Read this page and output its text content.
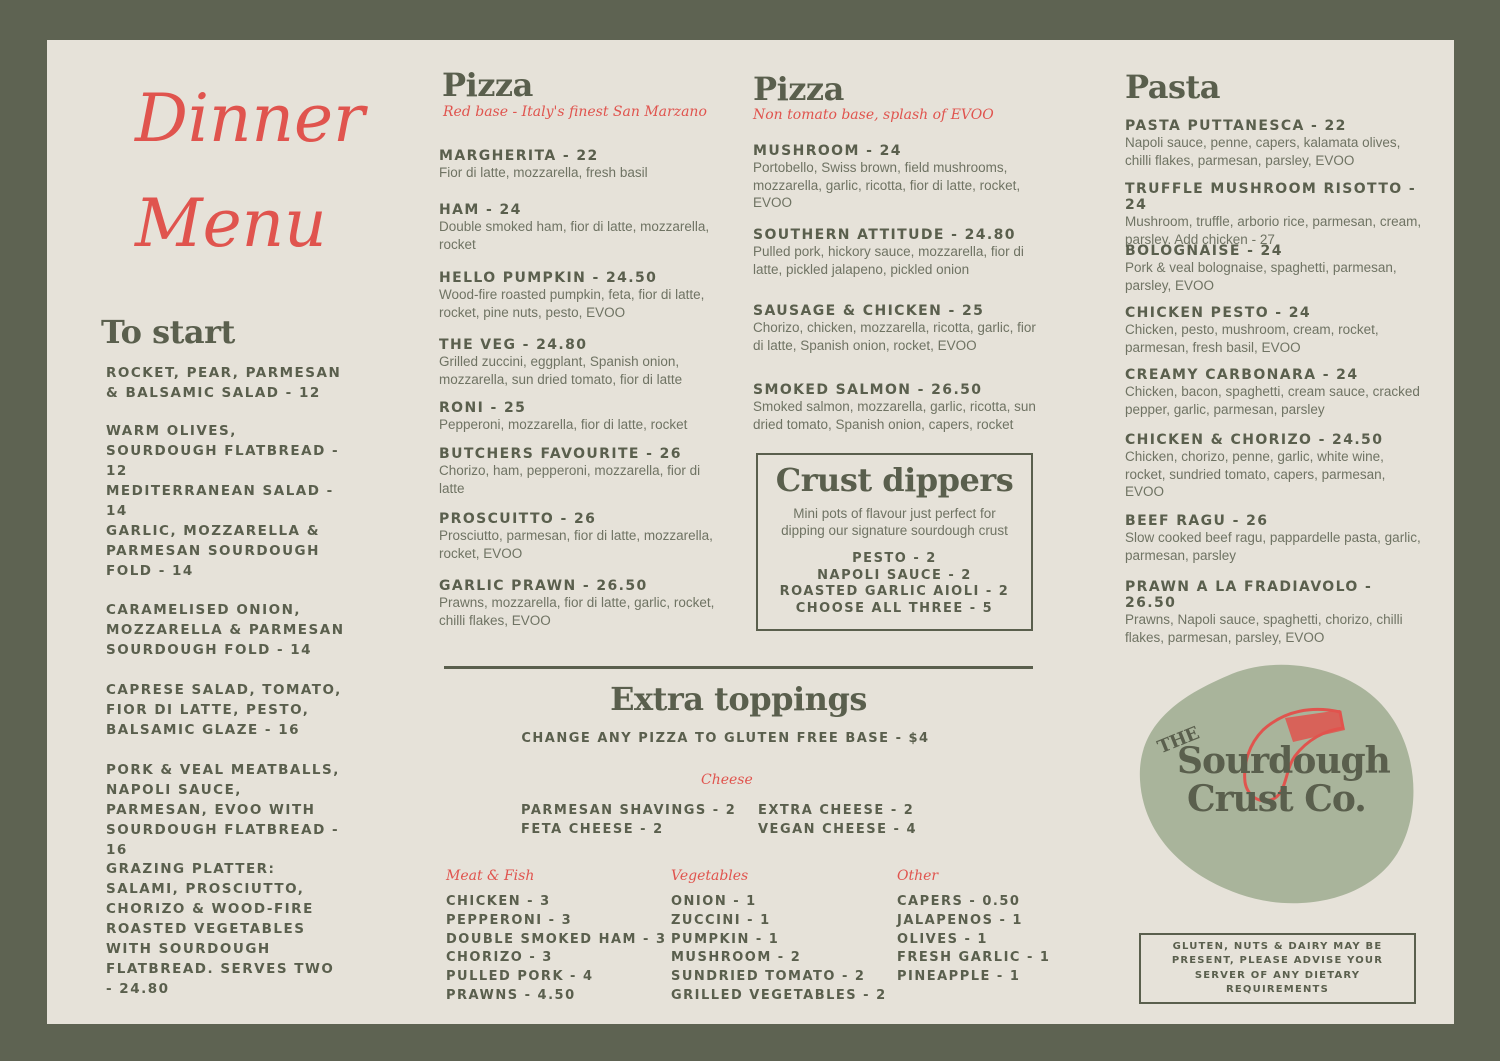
Dinner
Menu
To start
ROCKET, PEAR, PARMESAN & BALSAMIC SALAD - 12
WARM OLIVES, SOURDOUGH FLATBREAD - 12
MEDITERRANEAN SALAD - 14
GARLIC, MOZZARELLA & PARMESAN SOURDOUGH FOLD - 14
CARAMELISED ONION, MOZZARELLA & PARMESAN SOURDOUGH FOLD - 14
CAPRESE SALAD, TOMATO, FIOR DI LATTE, PESTO, BALSAMIC GLAZE - 16
PORK & VEAL MEATBALLS, NAPOLI SAUCE, PARMESAN, EVOO WITH SOURDOUGH FLATBREAD - 16
GRAZING PLATTER: SALAMI, PROSCIUTTO, CHORIZO & WOOD-FIRE ROASTED VEGETABLES WITH SOURDOUGH FLATBREAD. SERVES TWO - 24.80
Pizza
Red base - Italy's finest San Marzano
MARGHERITA - 22
Fior di latte, mozzarella, fresh basil
HAM - 24
Double smoked ham, fior di latte, mozzarella, rocket
HELLO PUMPKIN - 24.50
Wood-fire roasted pumpkin, feta, fior di latte, rocket, pine nuts, pesto, EVOO
THE VEG - 24.80
Grilled zuccini, eggplant, Spanish onion, mozzarella, sun dried tomato, fior di latte
RONI - 25
Pepperoni, mozzarella, fior di latte, rocket
BUTCHERS FAVOURITE - 26
Chorizo, ham, pepperoni, mozzarella, fior di latte
PROSCUITTO - 26
Prosciutto, parmesan, fior di latte, mozzarella, rocket, EVOO
GARLIC PRAWN - 26.50
Prawns, mozzarella, fior di latte, garlic, rocket, chilli flakes, EVOO
Pizza
Non tomato base, splash of EVOO
MUSHROOM - 24
Portobello, Swiss brown, field mushrooms, mozzarella, garlic, ricotta, fior di latte, rocket, EVOO
SOUTHERN ATTITUDE - 24.80
Pulled pork, hickory sauce, mozzarella, fior di latte, pickled jalapeno, pickled onion
SAUSAGE & CHICKEN - 25
Chorizo, chicken, mozzarella, ricotta, garlic, fior di latte, Spanish onion, rocket, EVOO
SMOKED SALMON - 26.50
Smoked salmon, mozzarella, garlic, ricotta, sun dried tomato, Spanish onion, capers, rocket
Crust dippers
Mini pots of flavour just perfect for dipping our signature sourdough crust
PESTO - 2
NAPOLI SAUCE - 2
ROASTED GARLIC AIOLI - 2
CHOOSE ALL THREE - 5
Pasta
PASTA PUTTANESCA - 22
Napoli sauce, penne, capers, kalamata olives, chilli flakes, parmesan, parsley, EVOO
TRUFFLE MUSHROOM RISOTTO - 24
Mushroom, truffle, arborio rice, parmesan, cream, parsley. Add chicken - 27
BOLOGNAISE - 24
Pork & veal bolognaise, spaghetti, parmesan, parsley, EVOO
CHICKEN PESTO - 24
Chicken, pesto, mushroom, cream, rocket, parmesan, fresh basil, EVOO
CREAMY CARBONARA - 24
Chicken, bacon, spaghetti, cream sauce, cracked pepper, garlic, parmesan, parsley
CHICKEN & CHORIZO - 24.50
Chicken, chorizo, penne, garlic, white wine, rocket, sundried tomato, capers, parmesan, EVOO
BEEF RAGU - 26
Slow cooked beef ragu, pappardelle pasta, garlic, parmesan, parsley
PRAWN A LA FRADIAVOLO - 26.50
Prawns, Napoli sauce, spaghetti, chorizo, chilli flakes, parmesan, parsley, EVOO
Extra toppings
CHANGE ANY PIZZA TO GLUTEN FREE BASE - $4
Cheese
PARMESAN SHAVINGS - 2
FETA CHEESE - 2
EXTRA CHEESE - 2
VEGAN CHEESE - 4
Meat & Fish
CHICKEN - 3
PEPPERONI - 3
DOUBLE SMOKED HAM - 3
CHORIZO - 3
PULLED PORK - 4
PRAWNS - 4.50
Vegetables
ONION - 1
ZUCCINI - 1
PUMPKIN - 1
MUSHROOM - 2
SUNDRIED TOMATO - 2
GRILLED VEGETABLES - 2
Other
CAPERS - 0.50
JALAPENOS - 1
OLIVES - 1
FRESH GARLIC - 1
PINEAPPLE - 1
THE
Sourdough
Crust Co.
GLUTEN, NUTS & DAIRY MAY BE PRESENT, PLEASE ADVISE YOUR SERVER OF ANY DIETARY REQUIREMENTS
